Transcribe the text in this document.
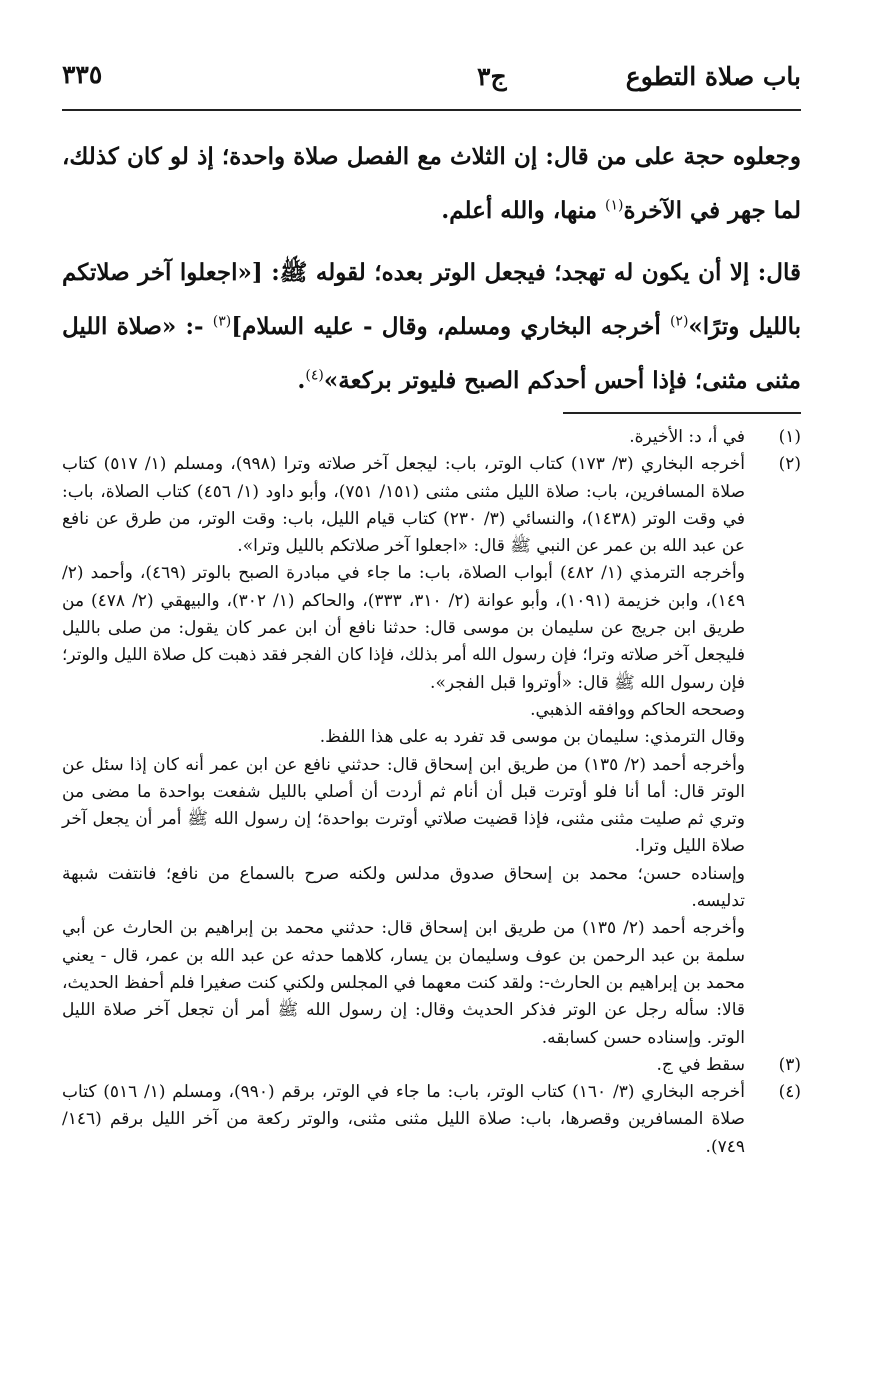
باب صلاة التطوع
ج٣
٣٣٥
وجعلوه حجة على من قال: إن الثلاث مع الفصل صلاة واحدة؛ إذ لو كان كذلك، لما جهر في الآخرة$^{(١)}$ منها، والله أعلم.
قال: إلا أن يكون له تهجد؛ فيجعل الوتر بعده؛ لقوله ﷺ: [«اجعلوا آخر صلاتكم بالليل وترًا»$^{(٢)}$ أخرجه البخاري ومسلم، وقال - عليه السلام]$^{(٣)}$ -: «صلاة الليل مثنى مثنى؛ فإذا أحس أحدكم الصبح فليوتر بركعة»$^{(٤)}$.
(١)

في أ، د: الأخيرة.

(٢)

أخرجه البخاري (٣/ ١٧٣) كتاب الوتر، باب: ليجعل آخر صلاته وترا (٩٩٨)، ومسلم (١/ ٥١٧) كتاب صلاة المسافرين، باب: صلاة الليل مثنى مثنى (١٥١/ ٧٥١)، وأبو داود (١/ ٤٥٦) كتاب الصلاة، باب: في وقت الوتر (١٤٣٨)، والنسائي (٣/ ٢٣٠) كتاب قيام الليل، باب: وقت الوتر، من طرق عن نافع عن عبد الله بن عمر عن النبي ﷺ قال: «اجعلوا آخر صلاتكم بالليل وترا».

وأخرجه الترمذي (١/ ٤٨٢) أبواب الصلاة، باب: ما جاء في مبادرة الصبح بالوتر (٤٦٩)، وأحمد (٢/ ١٤٩)، وابن خزيمة (١٠٩١)، وأبو عوانة (٢/ ٣١٠، ٣٣٣)، والحاكم (١/ ٣٠٢)، والبيهقي (٢/ ٤٧٨) من طريق ابن جريج عن سليمان بن موسى قال: حدثنا نافع أن ابن عمر كان يقول: من صلى بالليل فليجعل آخر صلاته وترا؛ فإن رسول الله أمر بذلك، فإذا كان الفجر فقد ذهبت كل صلاة الليل والوتر؛ فإن رسول الله ﷺ قال: «أوتروا قبل الفجر».

وصححه الحاكم ووافقه الذهبي.

وقال الترمذي: سليمان بن موسى قد تفرد به على هذا اللفظ.

وأخرجه أحمد (٢/ ١٣٥) من طريق ابن إسحاق قال: حدثني نافع عن ابن عمر أنه كان إذا سئل عن الوتر قال: أما أنا فلو أوترت قبل أن أنام ثم أردت أن أصلي بالليل شفعت بواحدة ما مضى من وتري ثم صليت مثنى مثنى، فإذا قضيت صلاتي أوترت بواحدة؛ إن رسول الله ﷺ أمر أن يجعل آخر صلاة الليل وترا.

وإسناده حسن؛ محمد بن إسحاق صدوق مدلس ولكنه صرح بالسماع من نافع؛ فانتفت شبهة تدليسه.

وأخرجه أحمد (٢/ ١٣٥) من طريق ابن إسحاق قال: حدثني محمد بن إبراهيم بن الحارث عن أبي سلمة بن عبد الرحمن بن عوف وسليمان بن يسار، كلاهما حدثه عن عبد الله بن عمر، قال - يعني محمد بن إبراهيم بن الحارث-: ولقد كنت معهما في المجلس ولكني كنت صغيرا فلم أحفظ الحديث، قالا: سأله رجل عن الوتر فذكر الحديث وقال: إن رسول الله ﷺ أمر أن تجعل آخر صلاة الليل الوتر. وإسناده حسن كسابقه.

(٣)

سقط في ج.

(٤)

أخرجه البخاري (٣/ ١٦٠) كتاب الوتر، باب: ما جاء في الوتر، برقم (٩٩٠)، ومسلم (١/ ٥١٦) كتاب صلاة المسافرين وقصرها، باب: صلاة الليل مثنى مثنى، والوتر ركعة من آخر الليل برقم (١٤٦/ ٧٤٩).
